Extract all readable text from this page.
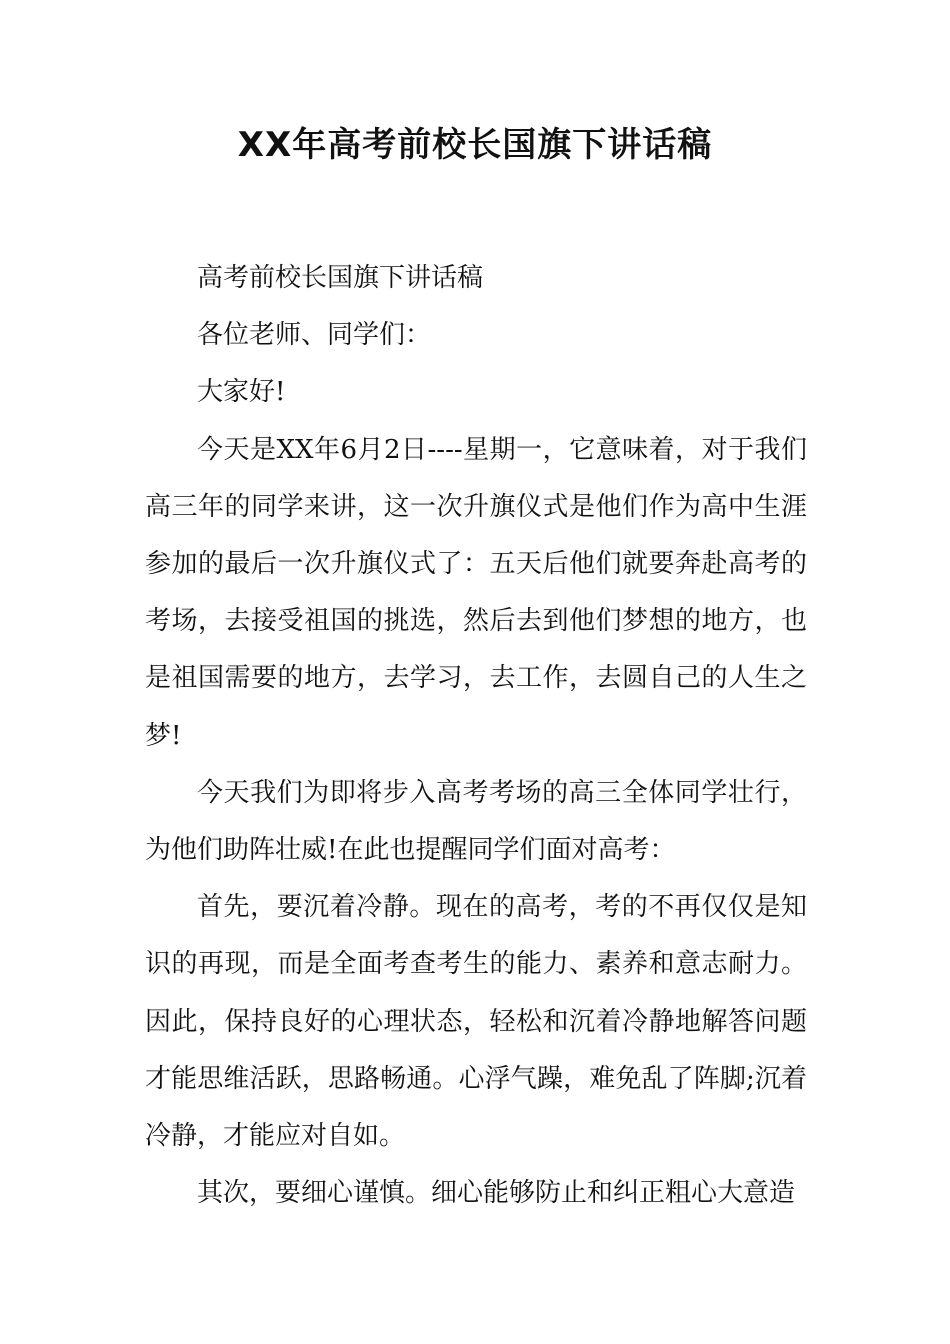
XX年高考前校长国旗下讲话稿

高考前校长国旗下讲话稿

各位老师、同学们：

大家好!

今天是XX年6月2日----星期一，它意味着，对于我们高三年的同学来讲，这一次升旗仪式是他们作为高中生涯参加的最后一次升旗仪式了：五天后他们就要奔赴高考的考场，去接受祖国的挑选，然后去到他们梦想的地方，也是祖国需要的地方，去学习，去工作，去圆自己的人生之梦!

今天我们为即将步入高考考场的高三全体同学壮行，为他们助阵壮威!在此也提醒同学们面对高考：

首先，要沉着冷静。现在的高考，考的不再仅仅是知识的再现，而是全面考查考生的能力、素养和意志耐力。因此，保持良好的心理状态，轻松和沉着冷静地解答问题才能思维活跃，思路畅通。心浮气躁，难免乱了阵脚;沉着冷静，才能应对自如。

其次，要细心谨慎。细心能够防止和纠正粗心大意造
